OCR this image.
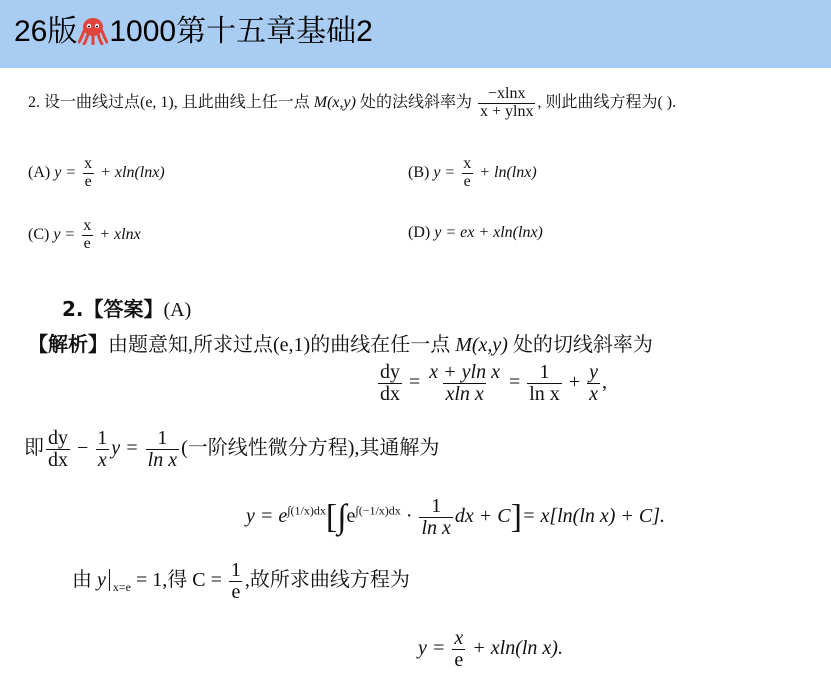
26版 1000第十五章基础2
2. 设一曲线过点(e, 1), 且此曲线上任一点 M(x,y) 处的法线斜率为 $\frac{-xlnx}{x + ylnx}$ , 则此曲线方程为( ).
(A) $y = \frac{x}{e} + xln(\ln x)$	(B) $y = \frac{x}{e} + \ln(\ln x)$
(C) $y = \frac{x}{e} + xlnx$	(D) y = ex + xln(lnx)
2.【答案】(A)
【解析】由题意知,所求过点(e,1)的曲线在任一点 M(x,y) 处的切线斜率为
$\frac{dy}{dx} = \frac{\text{x + yln x}}{\text{xln x}} = \frac{1}{\text{ln x}} + \frac{y}{x}$ ,
即 $\frac{dy}{dx} - \frac{1}{x}$ $y = \frac{1}{\text{ln x}}$ (一阶线性微分方程),其通解为
$y = e^{\int(1/x)dx}[\int e^{\int(-1/x)dx} \cdot \frac{1}{\text{ln x}}$ dx + C]= x[ln(ln x) + C].
由 y $_{x=e}$ = 1,得 $C = \frac{1}{e}$ ,故所求曲线方程为
$y = \frac{x}{e} + xln(\ln$ x).
